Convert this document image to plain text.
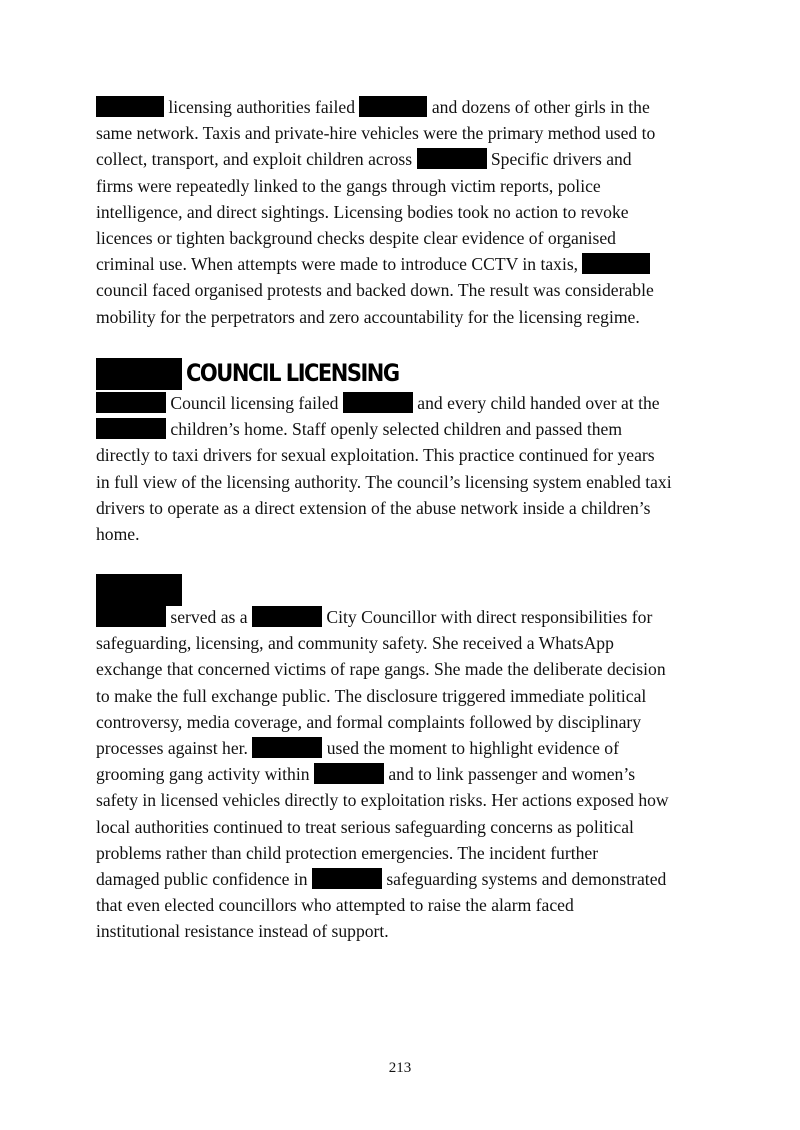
licensing authorities failed	and dozens of other girls in the
same network. Taxis and private-hire vehicles were the primary method used to
collect, transport, and exploit children across	Specific drivers and
firms were repeatedly linked to the gangs through victim reports, police
intelligence, and direct sightings. Licensing bodies took no action to revoke
licences or tighten background checks despite clear evidence of organised
criminal use. When attempts were made to introduce CCTV in taxis,
council faced organised protests and backed down. The result was considerable
mobility for the perpetrators and zero accountability for the licensing regime.
COUNCIL LICENSING
Council licensing failed	and every child handed over at the
children’s home. Staff openly selected children and passed them
directly to taxi drivers for sexual exploitation. This practice continued for years
in full view of the licensing authority. The council’s licensing system enabled taxi
drivers to operate as a direct extension of the abuse network inside a children’s
home.
served as a	City Councillor with direct responsibilities for
safeguarding, licensing, and community safety. She received a WhatsApp
exchange that concerned victims of rape gangs. She made the deliberate decision
to make the full exchange public. The disclosure triggered immediate political
controversy, media coverage, and formal complaints followed by disciplinary
processes against her.	used the moment to highlight evidence of
grooming gang activity within	and to link passenger and women’s
safety in licensed vehicles directly to exploitation risks. Her actions exposed how
local authorities continued to treat serious safeguarding concerns as political
problems rather than child protection emergencies. The incident further
damaged public confidence in	safeguarding systems and demonstrated
that even elected councillors who attempted to raise the alarm faced
institutional resistance instead of support.
213
